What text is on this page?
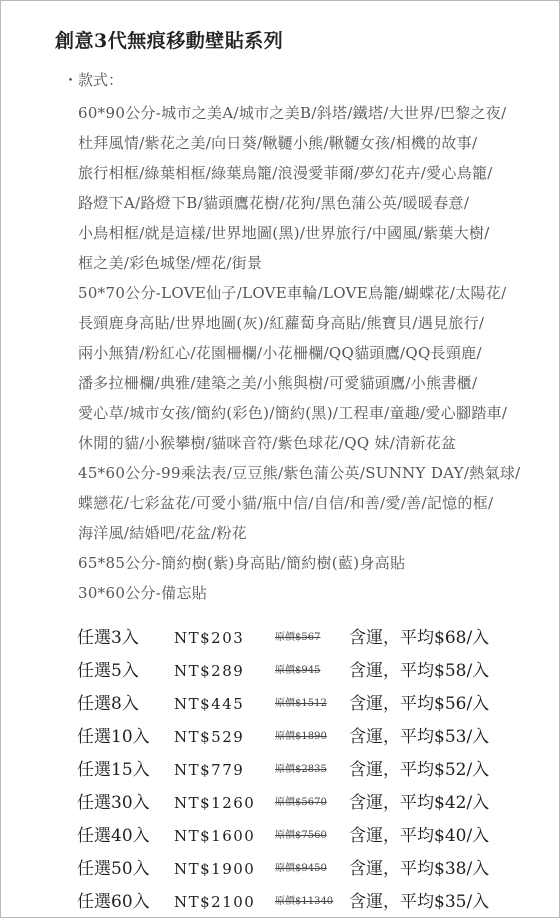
創意3代無痕移動壁貼系列
・款式：
60*90公分-城市之美A/城市之美B/斜塔/鐵塔/大世界/巴黎之夜/
杜拜風情/紫花之美/向日葵/鞦韆小熊/鞦韆女孩/相機的故事/
旅行相框/綠葉相框/綠葉鳥籠/浪漫愛菲爾/夢幻花卉/愛心鳥籠/
路燈下A/路燈下B/貓頭鷹花樹/花狗/黑色蒲公英/暖暖春意/
小鳥相框/就是這樣/世界地圖(黑)/世界旅行/中國風/紫葉大樹/
框之美/彩色城堡/煙花/街景
50*70公分-LOVE仙子/LOVE車輪/LOVE鳥籠/蝴蝶花/太陽花/
長頸鹿身高貼/世界地圖(灰)/紅蘿蔔身高貼/熊寶貝/遇見旅行/
兩小無猜/粉紅心/花園柵欄/小花柵欄/QQ貓頭鷹/QQ長頸鹿/
潘多拉柵欄/典雅/建築之美/小熊與樹/可愛貓頭鷹/小熊書櫃/
愛心草/城市女孩/簡約(彩色)/簡約(黑)/工程車/童趣/愛心腳踏車/
休閒的貓/小猴攀樹/貓咪音符/紫色球花/QQ 妹/清新花盆
45*60公分-99乘法表/豆豆熊/紫色蒲公英/SUNNY DAY/熱氣球/
蝶戀花/七彩盆花/可愛小貓/瓶中信/自信/和善/愛/善/記憶的框/
海洋風/結婚吧/花盆/粉花
65*85公分-簡約樹(紫)身高貼/簡約樹(藍)身高貼
30*60公分-備忘貼
任選3入 NT$203	原價$567 含運，平均$68/入
任選5入 NT$289	原價$945 含運，平均$58/入
任選8入 NT$445	原價$1512 含運，平均$56/入
任選10入 NT$529	原價$1890 含運，平均$53/入
任選15入 NT$779	原價$2835 含運，平均$52/入
任選30入 NT$1260 原價$5670 含運，平均$42/入
任選40入 NT$1600 原價$7560 含運，平均$40/入
任選50入 NT$1900 原價$9450 含運，平均$38/入
任選60入 NT$2100 原價$11340 含運，平均$35/入
